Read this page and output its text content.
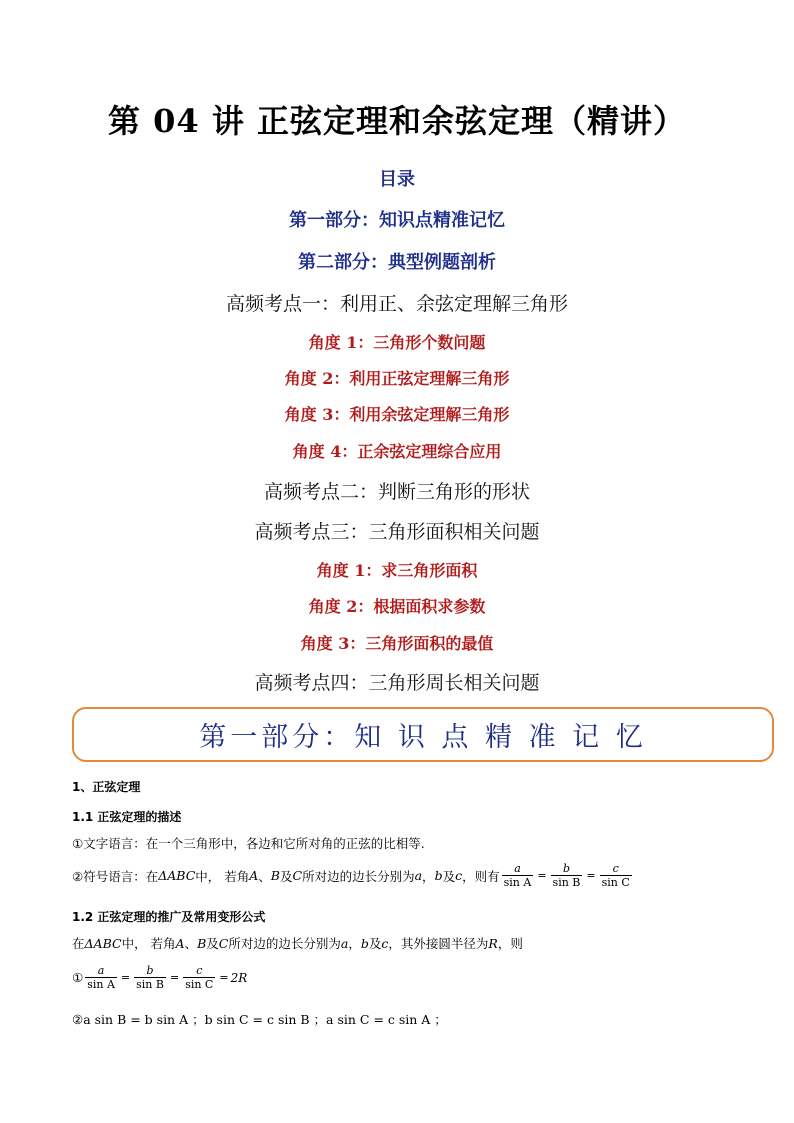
第 04 讲 正弦定理和余弦定理（精讲）
目录
第一部分：知识点精准记忆
第二部分：典型例题剖析
高频考点一：利用正、余弦定理解三角形
角度 1：三角形个数问题
角度 2：利用正弦定理解三角形
角度 3：利用余弦定理解三角形
角度 4：正余弦定理综合应用
高频考点二：判断三角形的形状
高频考点三：三角形面积相关问题
角度 1：求三角形面积
角度 2：根据面积求参数
角度 3：三角形面积的最值
高频考点四：三角形周长相关问题
第一部分：知 识 点 精 准 记 忆
1、正弦定理
1.1 正弦定理的描述
①文字语言：在一个三角形中，各边和它所对角的正弦的比相等.
②符号语言：在 ΔABC 中， 若角 A 、 B 及 C 所对边的边长分别为 a ， b 及 c ，则有 $\frac{a}{\text{sin A}} = \frac{b}{\text{sin B}} = \frac{c}{\text{sin C}}$
1.2 正弦定理的推广及常用变形公式
在 ΔABC 中， 若角 A 、 B 及 C 所对边的边长分别为 a ， b 及 c ，其外接圆半径为 R ，则
① $\frac{a}{\text{sin A}} = \frac{b}{\text{sin B}} = \frac{c}{\text{sin C}} = 2R$
②a sin B = b sin A ；b sin C = c sin B ；a sin C = c sin A ；
